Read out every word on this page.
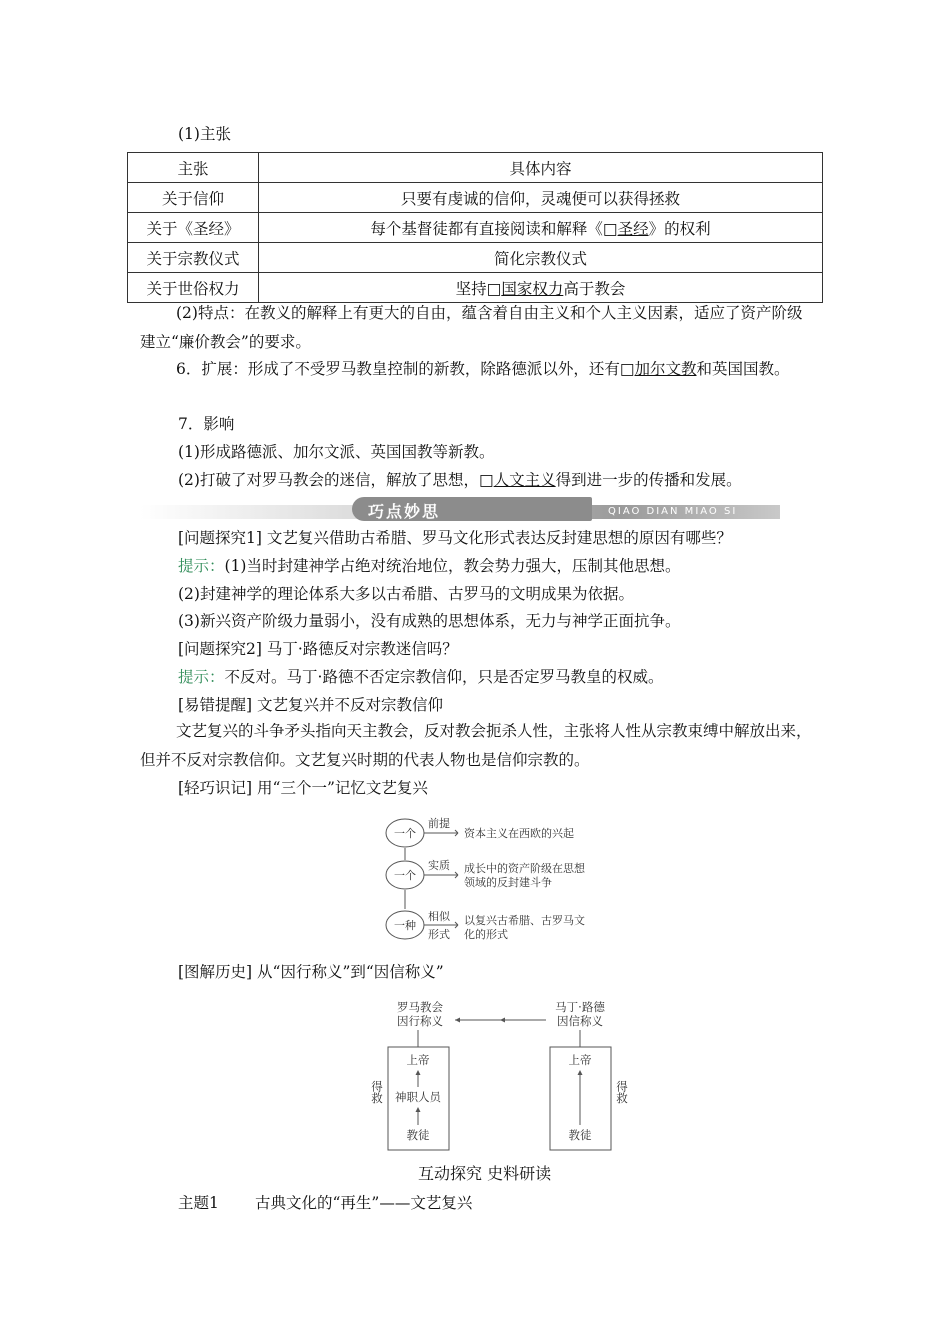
(1)主张
主张	具体内容
关于信仰	只要有虔诚的信仰，灵魂便可以获得拯救
关于《圣经》	每个基督徒都有直接阅读和解释《□圣经》的权利
关于宗教仪式	简化宗教仪式
关于世俗权力	坚持□国家权力高于教会
(2)特点：在教义的解释上有更大的自由，蕴含着自由主义和个人主义因素，适应了资产阶级建立“廉价教会”的要求。
6．扩展：形成了不受罗马教皇控制的新教，除路德派以外，还有□加尔文教和英国国教。
7．影响
(1)形成路德派、加尔文派、英国国教等新教。
(2)打破了对罗马教会的迷信，解放了思想，□人文主义得到进一步的传播和发展。
巧点妙思	QIAO DIAN MIAO SI
[问题探究1] 文艺复兴借助古希腊、罗马文化形式表达反封建思想的原因有哪些？
提示：(1)当时封建神学占绝对统治地位，教会势力强大，压制其他思想。
(2)封建神学的理论体系大多以古希腊、古罗马的文明成果为依据。
(3)新兴资产阶级力量弱小，没有成熟的思想体系，无力与神学正面抗争。
[问题探究2] 马丁·路德反对宗教迷信吗？
提示：不反对。马丁·路德不否定宗教信仰，只是否定罗马教皇的权威。
[易错提醒] 文艺复兴并不反对宗教信仰
文艺复兴的斗争矛头指向天主教会，反对教会扼杀人性，主张将人性从宗教束缚中解放出来，但并不反对宗教信仰。文艺复兴时期的代表人物也是信仰宗教的。
[轻巧识记] 用“三个一”记忆文艺复兴
一个
一个
一种
前提
实质
相似
形式
资本主义在西欧的兴起
成长中的资产阶级在思想
领域的反封建斗争
以复兴古希腊、古罗马文
化的形式
[图解历史] 从“因行称义”到“因信称义”
罗马教会
因行称义
马丁·路德
因信称义
上帝
神职人员
教徒
上帝
教徒
得救	得救
互动探究 史料研读
主题1 古典文化的“再生”——文艺复兴
